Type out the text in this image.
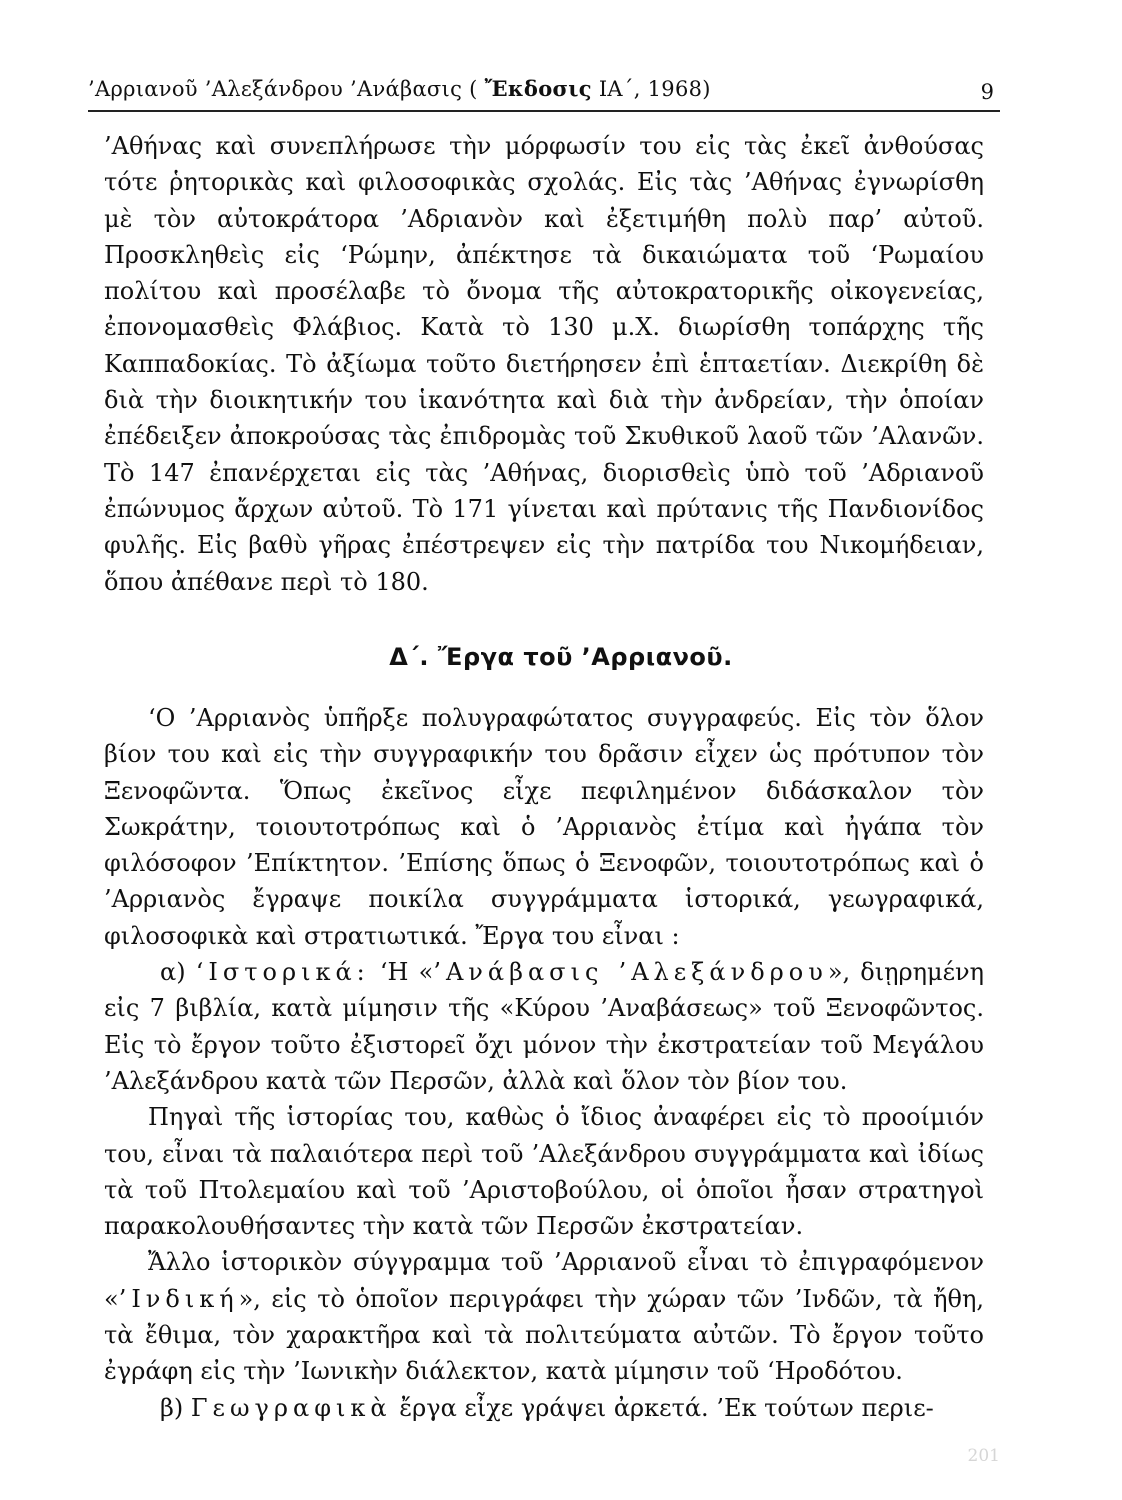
’Αρριανοῦ ’Αλεξάνδρου ’Ανάβασις ( Ἔκδοσις ΙΑ΄, 1968)	9

’Αθήνας καὶ συνεπλήρωσε τὴν μόρφωσίν του εἰς τὰς ἐκεῖ ἀνθούσας τότε ῥητορικὰς καὶ φιλοσοφικὰς σχολάς. Εἰς τὰς ’Αθήνας ἐγνωρίσθη μὲ τὸν αὐτοκράτορα ’Αδριανὸν καὶ ἐξετιμήθη πολὺ παρ’ αὐτοῦ. Προσκληθεὶς εἰς ‘Ρώμην, ἀπέκτησε τὰ δικαιώματα τοῦ ‘Ρωμαίου πολίτου καὶ προσέλαβε τὸ ὄνομα τῆς αὐτοκρατορικῆς οἰκογενείας, ἐπονομασθεὶς Φλάβιος. Κατὰ τὸ 130 μ.Χ. διωρίσθη τοπάρχης τῆς Καππαδοκίας. Τὸ ἀξίωμα τοῦτο διετήρησεν ἐπὶ ἑπταετίαν. Διεκρίθη δὲ διὰ τὴν διοικητικήν του ἱκανότητα καὶ διὰ τὴν ἀνδρείαν, τὴν ὁποίαν ἐπέδειξεν ἀποκρούσας τὰς ἐπιδρομὰς τοῦ Σκυθικοῦ λαοῦ τῶν ’Αλανῶν. Τὸ 147 ἐπανέρχεται εἰς τὰς ’Αθήνας, διορισθεὶς ὑπὸ τοῦ ’Αδριανοῦ ἐπώνυμος ἄρχων αὐτοῦ. Τὸ 171 γίνεται καὶ πρύτανις τῆς Πανδιονίδος φυλῆς. Εἰς βαθὺ γῆρας ἐπέστρεψεν εἰς τὴν πατρίδα του Νικομήδειαν, ὅπου ἀπέθανε περὶ τὸ 180.

Δ΄. Ἔργα τοῦ ’Αρριανοῦ.

‘Ο ’Αρριανὸς ὑπῆρξε πολυγραφώτατος συγγραφεύς. Εἰς τὸν ὅλον βίον του καὶ εἰς τὴν συγγραφικήν του δρᾶσιν εἶχεν ὡς πρότυπον τὸν Ξενοφῶντα. Ὅπως ἐκεῖνος εἶχε πεφιλημένον διδάσκαλον τὸν Σωκράτην, τοιουτοτρόπως καὶ ὁ ’Αρριανὸς ἐτίμα καὶ ἠγάπα τὸν φιλόσοφον ’Επίκτητον. ’Επίσης ὅπως ὁ Ξενοφῶν, τοιουτοτρόπως καὶ ὁ ’Αρριανὸς ἔγραψε ποικίλα συγγράμματα ἱστορικά, γεωγραφικά, φιλοσοφικὰ καὶ στρατιωτικά. Ἔργα του εἶναι :

α) ‘Ιστορικά: ‘Η «’Ανάβασις ’Αλεξάνδρου», διῃρημένη εἰς 7 βιβλία, κατὰ μίμησιν τῆς «Κύρου ’Αναβάσεως» τοῦ Ξενοφῶντος. Εἰς τὸ ἔργον τοῦτο ἐξιστορεῖ ὄχι μόνον τὴν ἐκστρατείαν τοῦ Μεγάλου ’Αλεξάνδρου κατὰ τῶν Περσῶν, ἀλλὰ καὶ ὅλον τὸν βίον του.

Πηγαὶ τῆς ἱστορίας του, καθὼς ὁ ἴδιος ἀναφέρει εἰς τὸ προοίμιόν του, εἶναι τὰ παλαιότερα περὶ τοῦ ’Αλεξάνδρου συγγράμματα καὶ ἰδίως τὰ τοῦ Πτολεμαίου καὶ τοῦ ’Αριστοβούλου, οἱ ὁποῖοι ἦσαν στρατηγοὶ παρακολουθήσαντες τὴν κατὰ τῶν Περσῶν ἐκστρατείαν.

Ἄλλο ἱστορικὸν σύγγραμμα τοῦ ’Αρριανοῦ εἶναι τὸ ἐπιγραφόμενον «’Ινδική», εἰς τὸ ὁποῖον περιγράφει τὴν χώραν τῶν ’Ινδῶν, τὰ ἤθη, τὰ ἔθιμα, τὸν χαρακτῆρα καὶ τὰ πολιτεύματα αὐτῶν. Τὸ ἔργον τοῦτο ἐγράφη εἰς τὴν ’Ιωνικὴν διάλεκτον, κατὰ μίμησιν τοῦ ‘Ηροδότου.

β) Γεωγραφικὰ ἔργα εἶχε γράψει ἀρκετά. ’Εκ τούτων περιε-

201
